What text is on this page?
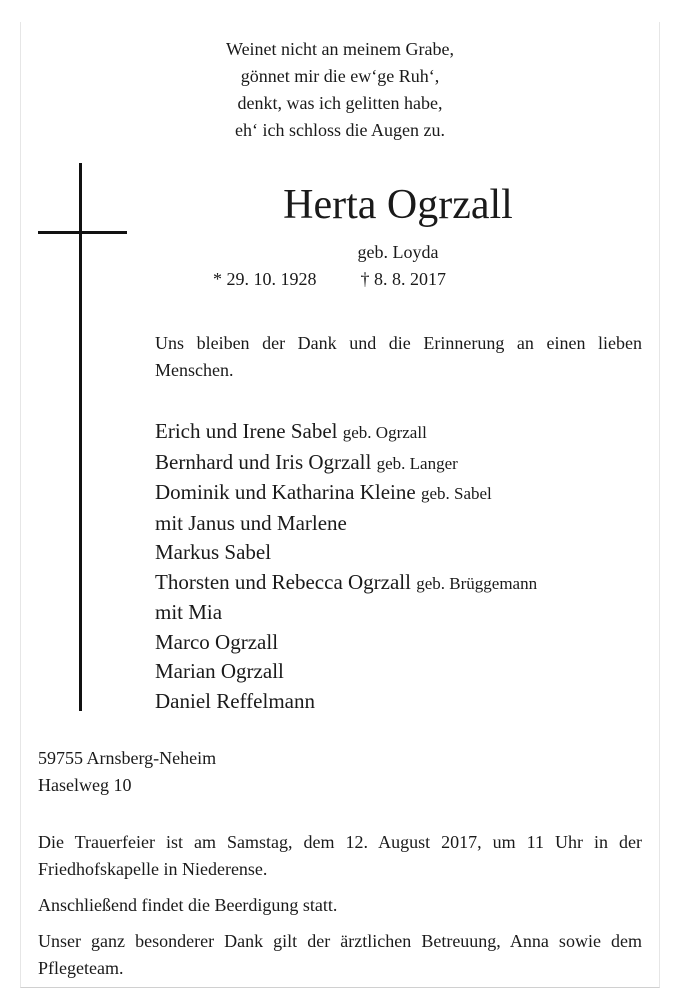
Weinet nicht an meinem Grabe,
gönnet mir die ew‘ge Ruh‘,
denkt, was ich gelitten habe,
eh‘ ich schloss die Augen zu.
Herta Ogrzall
geb. Loyda
* 29. 10. 1928 † 8. 8. 2017
Uns bleiben der Dank und die Erinnerung an einen lieben Menschen.
Erich und Irene Sabel geb. Ogrzall
Bernhard und Iris Ogrzall geb. Langer
Dominik und Katharina Kleine geb. Sabel
mit Janus und Marlene
Markus Sabel
Thorsten und Rebecca Ogrzall geb. Brüggemann
mit Mia
Marco Ogrzall
Marian Ogrzall
Daniel Reffelmann
59755 Arnsberg-Neheim
Haselweg 10

Die Trauerfeier ist am Samstag, dem 12. August 2017, um 11 Uhr in der Friedhofskapelle in Niederense.

Anschließend findet die Beerdigung statt.

Unser ganz besonderer Dank gilt der ärztlichen Betreuung, Anna sowie dem Pflegeteam.
